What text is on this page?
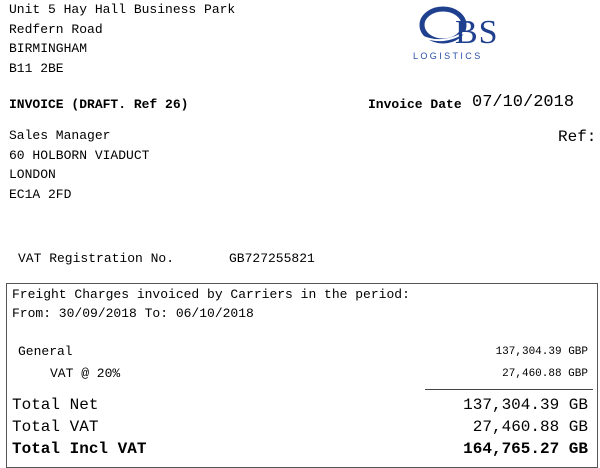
Unit 5 Hay Hall Business Park
Redfern Road
BIRMINGHAM
B11 2BE
BS
LOGISTICS
INVOICE (DRAFT. Ref 26)	Invoice Date 07/10/2018
Ref:
Sales Manager
60 HOLBORN VIADUCT
LONDON
EC1A 2FD
VAT Registration No.	GB727255821
Freight Charges invoiced by Carriers in the period:
From: 30/09/2018 To: 06/10/2018
General	137,304.39 GBP
VAT @ 20%	27,460.88 GBP
Total Net	137,304.39 GB
Total VAT	27,460.88 GB
Total Incl VAT	164,765.27 GB
